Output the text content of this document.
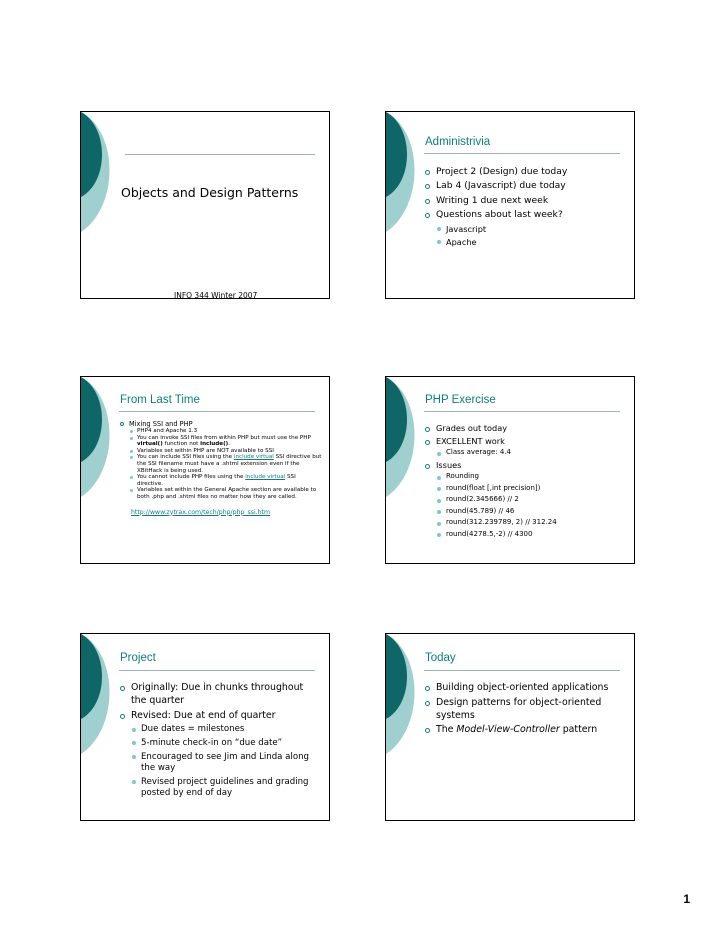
Objects and Design Patterns
INFO 344 Winter 2007
Administrivia
Project 2 (Design) due today
Lab 4 (Javascript) due today
Writing 1 due next week
Questions about last week?
Javascript
Apache
From Last Time
Mixing SSI and PHP
PHP4 and Apache 1.3
You can invoke SSI files from within PHP but must use the PHP virtual() function not include().
Variables set within PHP are NOT available to SSI
You can include SSI files using the include virtual SSI directive but the SSI filename must have a .shtml extension even if the XBitHack is being used.
You cannot include PHP files using the include virtual SSI directive.
Variables set within the General Apache section are available to both .php and .shtml files no matter how they are called.
http://www.zytrax.com/tech/php/php_ssi.htm
PHP Exercise
Grades out today
EXCELLENT work
Class average: 4.4
Issues
Rounding
round(float [,int precision])
round(2.345666) // 2
round(45.789) // 46
round(312.239789, 2) // 312.24
round(4278.5,-2) // 4300
Project
Originally: Due in chunks throughout the quarter
Revised: Due at end of quarter
Due dates = milestones
5-minute check-in on “due date”
Encouraged to see Jim and Linda along the way
Revised project guidelines and grading posted by end of day
Today
Building object-oriented applications
Design patterns for object-oriented systems
The Model-View-Controller pattern
1
